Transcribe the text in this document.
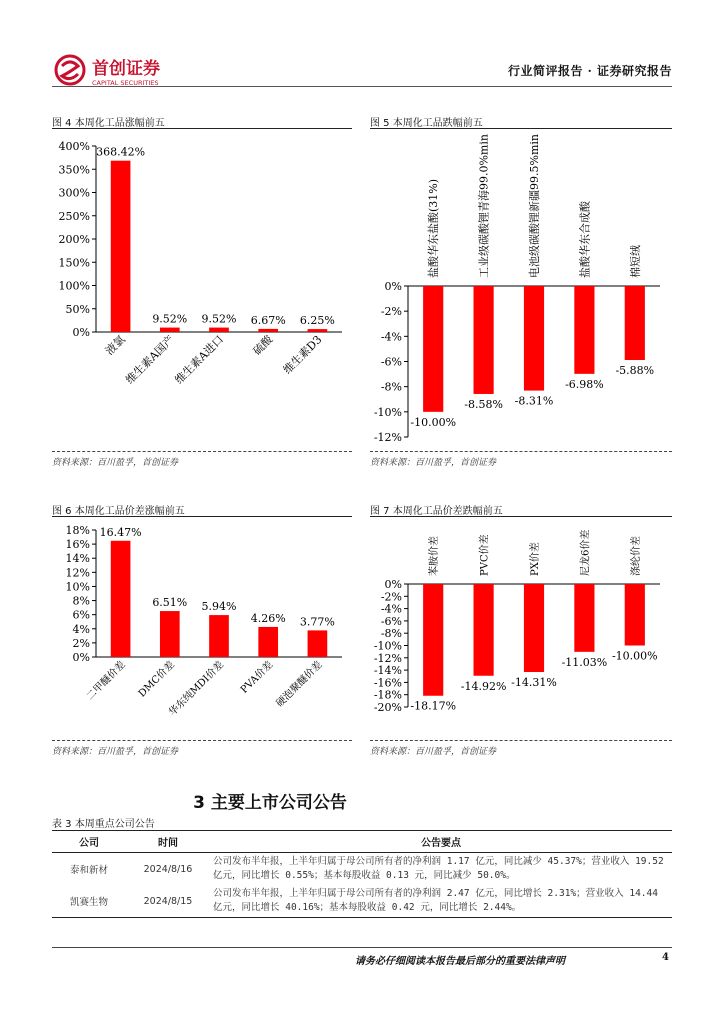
首创证券
CAPITAL SECURITIES
行业简评报告 · 证券研究报告
图 4 本周化工品涨幅前五
0%
50%
100%
150%
200%
250%
300%
350%
400% 368.42%
液氯
9.52%
维生素A国产
9.52%
维生素A进口
6.67%
硫酸
6.25%
维生素D3
资料来源：百川盈孚，首创证券
图 5 本周化工品跌幅前五
0%
-2%
-4%
-6%
-8%
-10%
-12%
-10.00%
盐酸华东盐酸(31%)
-8.58%
工业级碳酸锂青海99.0%min
-8.31%
电池级碳酸锂新疆99.5%min
-6.98%
盐酸华东合成酸
-5.88%
棉短绒
资料来源：百川盈孚，首创证券
图 6 本周化工品价差涨幅前五
0%
2%
4%
6%
8%
10%
12%
14%
16%
18% 16.47%
二甲醚价差
6.51%
DMC价差
5.94%
华东纯MDI价差
4.26%
PVA价差
3.77%
硬泡聚醚价差
资料来源：百川盈孚，首创证券
图 7 本周化工品价差跌幅前五
0%
-2%
-4%
-6%
-8%
-10%
-12%
-14%
-16%
-18%
-20% -18.17%
苯胺价差
-14.92%
PVC价差
-14.31%
PX价差
-11.03%
尼龙6价差
-10.00%
涤纶价差
资料来源：百川盈孚，首创证券
3 主要上市公司公告
表 3 本周重点公司公告
公司	时间	公告要点
泰和新材	2024/8/16	公司发布半年报，上半年归属于母公司所有者的净利润 1.17 亿元，同比减少 45.37%；营业收入 19.52 亿元，同比增长 0.55%；基本每股收益 0.13 元，同比减少 50.0%。
凯赛生物	2024/8/15	公司发布半年报，上半年归属于母公司所有者的净利润 2.47 亿元，同比增长 2.31%；营业收入 14.44 亿元，同比增长 40.16%；基本每股收益 0.42 元，同比增长 2.44%。
请务必仔细阅读本报告最后部分的重要法律声明	4
